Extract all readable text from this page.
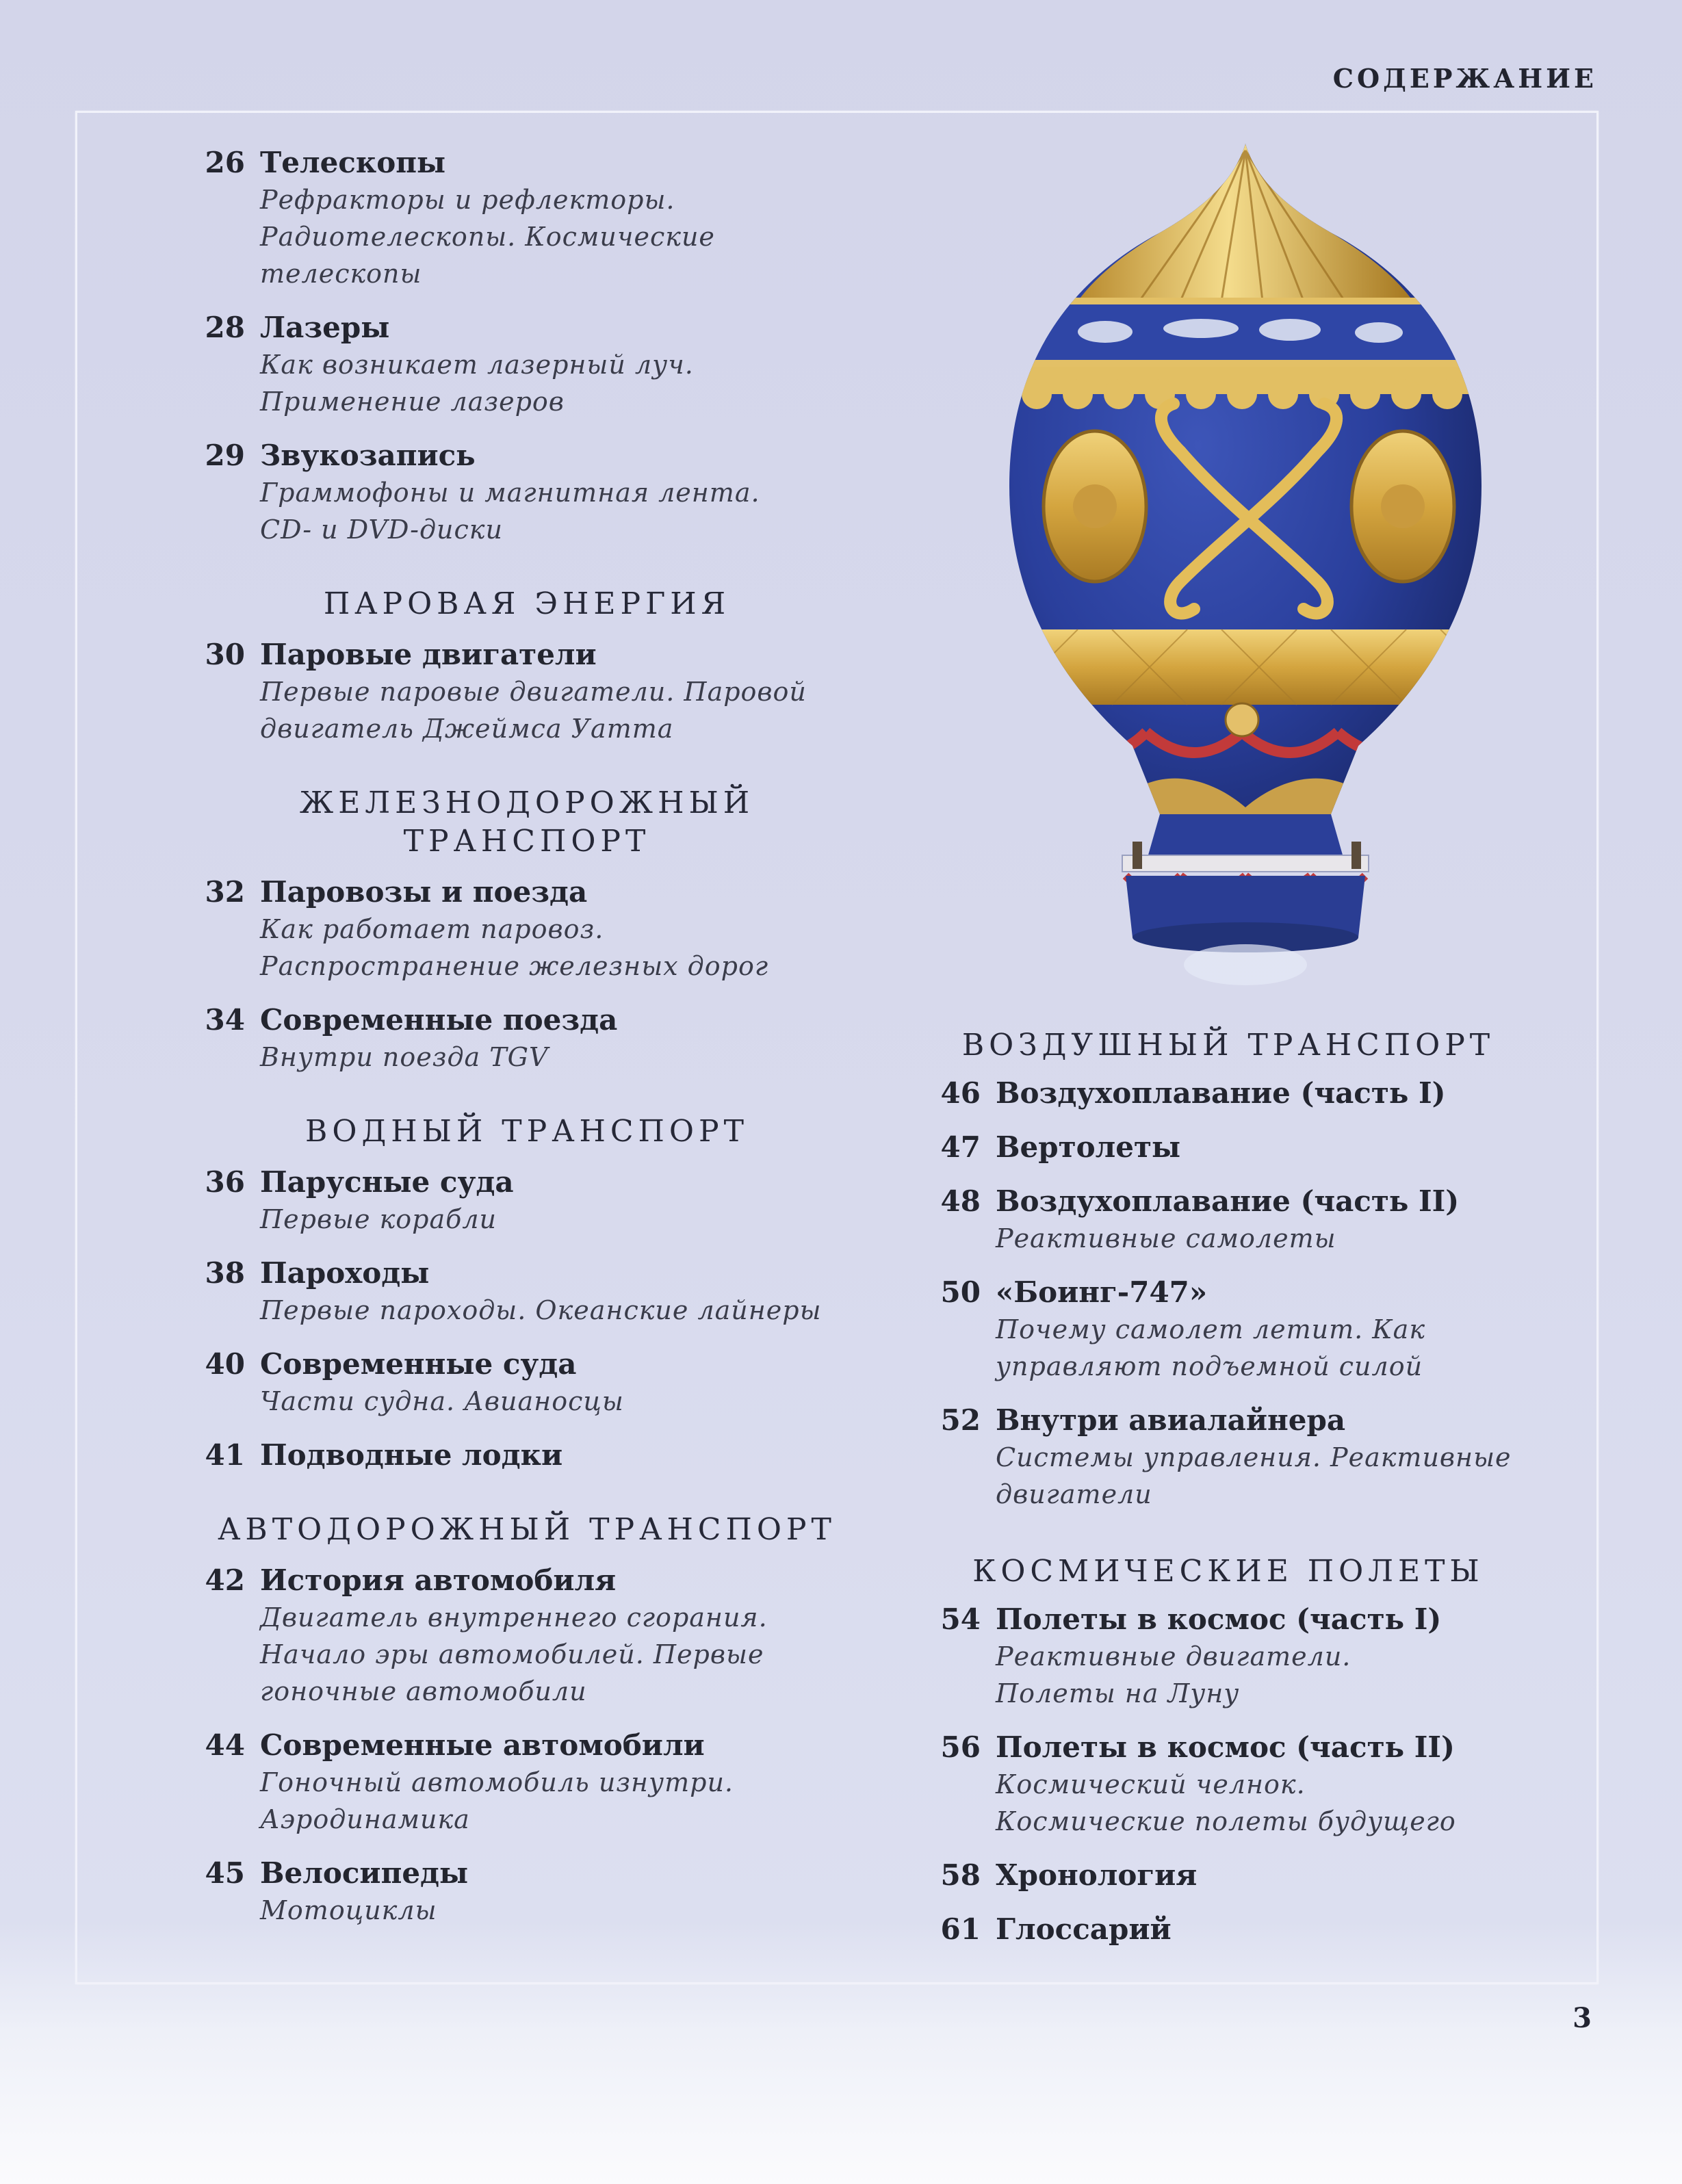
СОДЕРЖАНИЕ
26 Телескопы
Рефракторы и рефлекторы.
Радиотелескопы. Космические
телескопы
28 Лазеры
Как возникает лазерный луч.
Применение лазеров
29 Звукозапись
Граммофоны и магнитная лента.
CD- и DVD-диски
ПАРОВАЯ ЭНЕРГИЯ
30 Паровые двигатели
Первые паровые двигатели. Паровой
двигатель Джеймса Уатта
ЖЕЛЕЗНОДОРОЖНЫЙ
ТРАНСПОРТ
32 Паровозы и поезда
Как работает паровоз.
Распространение железных дорог
34 Современные поезда
Внутри поезда TGV
ВОДНЫЙ ТРАНСПОРТ
36 Парусные суда
Первые корабли
38 Пароходы
Первые пароходы. Океанские лайнеры
40 Современные суда
Части судна. Авианосцы
41 Подводные лодки
АВТОДОРОЖНЫЙ ТРАНСПОРТ
42 История автомобиля
Двигатель внутреннего сгорания.
Начало эры автомобилей. Первые
гоночные автомобили
44 Современные автомобили
Гоночный автомобиль изнутри.
Аэродинамика
45 Велосипеды
Мотоциклы
ВОЗДУШНЫЙ ТРАНСПОРТ
46 Воздухоплавание (часть I)
47 Вертолеты
48 Воздухоплавание (часть II)
Реактивные самолеты
50 «Боинг-747»
Почему самолет летит. Как
управляют подъемной силой
52 Внутри авиалайнера
Системы управления. Реактивные
двигатели
КОСМИЧЕСКИЕ ПОЛЕТЫ
54 Полеты в космос (часть I)
Реактивные двигатели.
Полеты на Луну
56 Полеты в космос (часть II)
Космический челнок.
Космические полеты будущего
58 Хронология
61 Глоссарий
3
